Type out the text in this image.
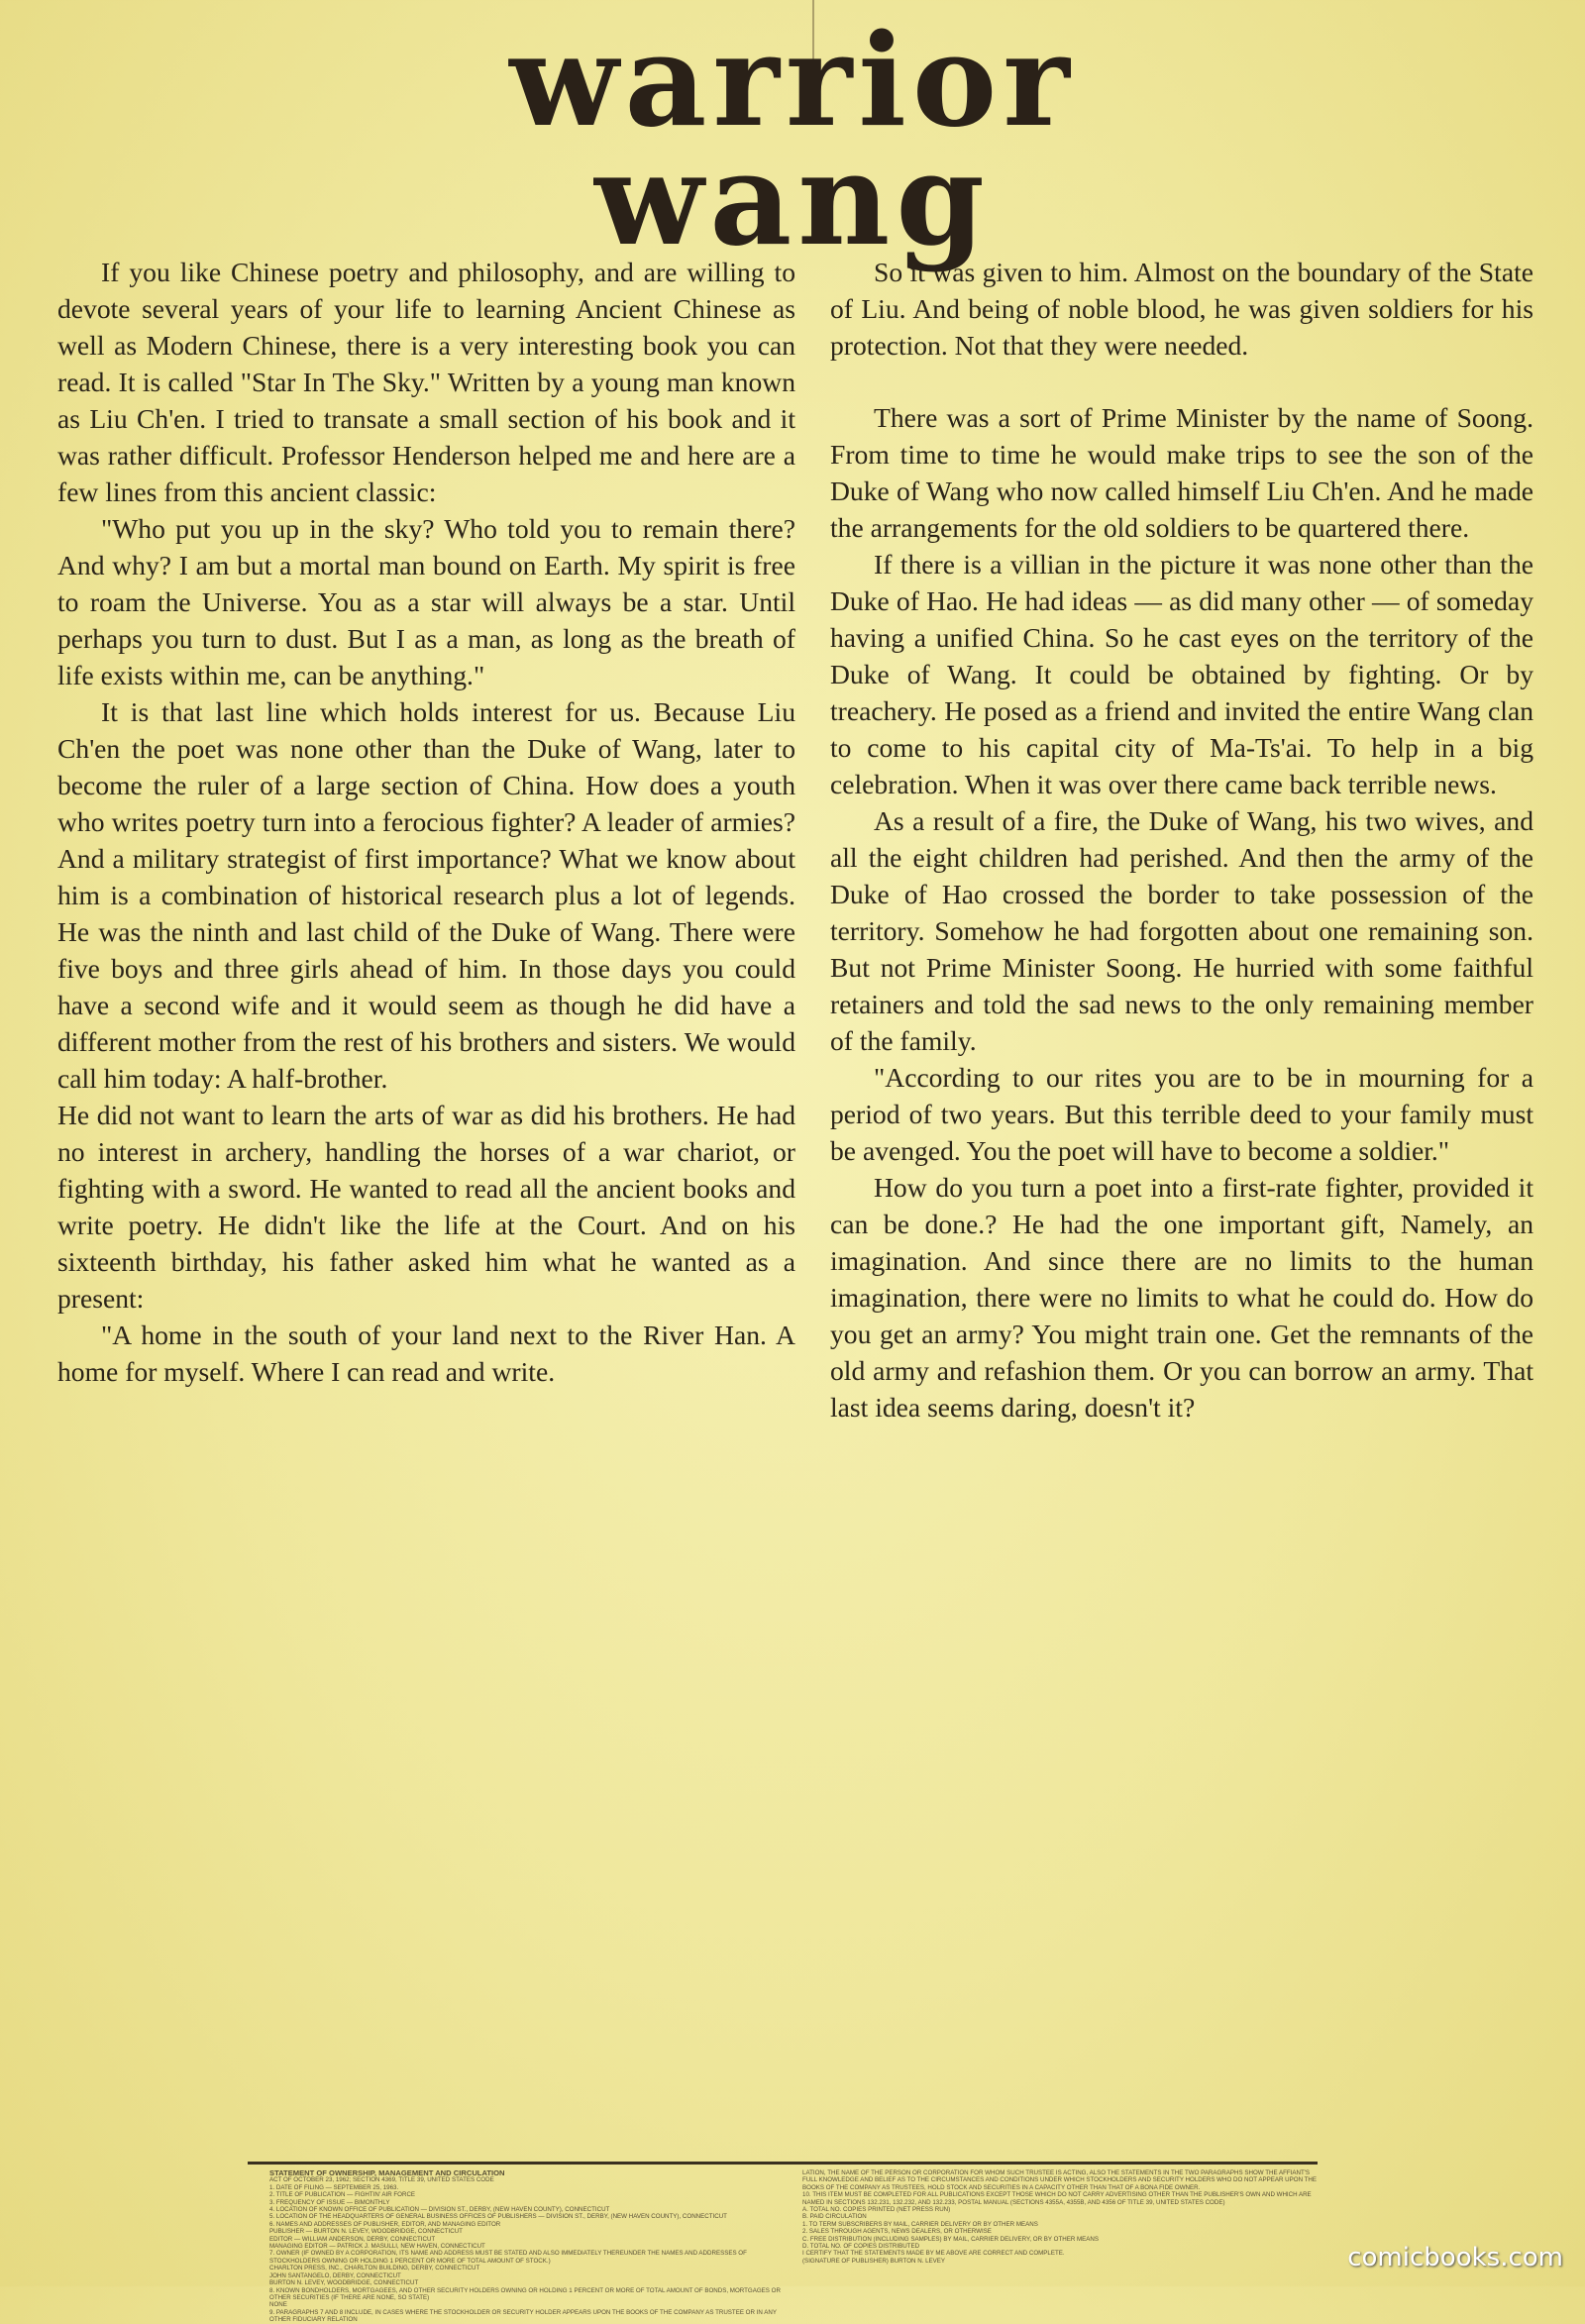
warrior
wang

If you like Chinese poetry and philosophy, and are willing to devote several years of your life to learning Ancient Chinese as well as Modern Chinese, there is a very interesting book you can read. It is called "Star In The Sky." Written by a young man known as Liu Ch'en. I tried to transate a small section of his book and it was rather difficult. Professor Henderson helped me and here are a few lines from this ancient classic:

"Who put you up in the sky? Who told you to remain there? And why? I am but a mortal man bound on Earth. My spirit is free to roam the Universe. You as a star will always be a star. Until perhaps you turn to dust. But I as a man, as long as the breath of life exists within me, can be anything."

It is that last line which holds interest for us. Because Liu Ch'en the poet was none other than the Duke of Wang, later to become the ruler of a large section of China. How does a youth who writes poetry turn into a ferocious fighter? A leader of armies? And a military strategist of first importance? What we know about him is a combination of historical research plus a lot of legends. He was the ninth and last child of the Duke of Wang. There were five boys and three girls ahead of him. In those days you could have a second wife and it would seem as though he did have a different mother from the rest of his brothers and sisters. We would call him today: A half-brother.

He did not want to learn the arts of war as did his brothers. He had no interest in archery, handling the horses of a war chariot, or fighting with a sword. He wanted to read all the ancient books and write poetry. He didn't like the life at the Court. And on his sixteenth birthday, his father asked him what he wanted as a present:

"A home in the south of your land next to the River Han. A home for myself. Where I can read and write.

So it was given to him. Almost on the boundary of the State of Liu. And being of noble blood, he was given soldiers for his protection. Not that they were needed.

There was a sort of Prime Minister by the name of Soong. From time to time he would make trips to see the son of the Duke of Wang who now called himself Liu Ch'en. And he made the arrangements for the old soldiers to be quartered there.

If there is a villian in the picture it was none other than the Duke of Hao. He had ideas — as did many other — of someday having a unified China. So he cast eyes on the territory of the Duke of Wang. It could be obtained by fighting. Or by treachery. He posed as a friend and invited the entire Wang clan to come to his capital city of Ma-Ts'ai. To help in a big celebration. When it was over there came back terrible news.

As a result of a fire, the Duke of Wang, his two wives, and all the eight children had perished. And then the army of the Duke of Hao crossed the border to take possession of the territory. Somehow he had forgotten about one remaining son. But not Prime Minister Soong. He hurried with some faithful retainers and told the sad news to the only remaining member of the family.

"According to our rites you are to be in mourning for a period of two years. But this terrible deed to your family must be avenged. You the poet will have to become a soldier."

How do you turn a poet into a first-rate fighter, provided it can be done.? He had the one important gift, Namely, an imagination. And since there are no limits to the human imagination, there were no limits to what he could do. How do you get an army? You might train one. Get the remnants of the old army and refashion them. Or you can borrow an army. That last idea seems daring, doesn't it?

STATEMENT OF OWNERSHIP, MANAGEMENT AND CIRCULATION
ACT OF OCTOBER 23, 1962; SECTION 4369, TITLE 39, UNITED STATES CODE
1. DATE OF FILING — SEPTEMBER 25, 1963.
2. TITLE OF PUBLICATION — FIGHTIN' AIR FORCE
3. FREQUENCY OF ISSUE — BIMONTHLY
4. LOCATION OF KNOWN OFFICE OF PUBLICATION — DIVISION ST., DERBY, (NEW HAVEN COUNTY), CONNECTICUT
5. LOCATION OF THE HEADQUARTERS OF GENERAL BUSINESS OFFICES OF PUBLISHERS — DIVISION ST., DERBY, (NEW HAVEN COUNTY), CONNECTICUT
6. NAMES AND ADDRESSES OF PUBLISHER, EDITOR, AND MANAGING EDITOR
PUBLISHER — BURTON N. LEVEY, WOODBRIDGE, CONNECTICUT
EDITOR — WILLIAM ANDERSON, DERBY, CONNECTICUT
MANAGING EDITOR — PATRICK J. MASULLI, NEW HAVEN, CONNECTICUT
7. OWNER (IF OWNED BY A CORPORATION, ITS NAME AND ADDRESS MUST BE STATED AND ALSO IMMEDIATELY THEREUNDER THE NAMES AND ADDRESSES OF STOCKHOLDERS OWNING OR HOLDING 1 PERCENT OR MORE OF TOTAL AMOUNT OF STOCK.)
CHARLTON PRESS, INC., CHARLTON BUILDING, DERBY, CONNECTICUT
JOHN SANTANGELO, DERBY, CONNECTICUT
BURTON N. LEVEY, WOODBRIDGE, CONNECTICUT
8. KNOWN BONDHOLDERS, MORTGAGEES, AND OTHER SECURITY HOLDERS OWNING OR HOLDING 1 PERCENT OR MORE OF TOTAL AMOUNT OF BONDS, MORTGAGES OR OTHER SECURITIES (IF THERE ARE NONE, SO STATE)
NONE
9. PARAGRAPHS 7 AND 8 INCLUDE, IN CASES WHERE THE STOCKHOLDER OR SECURITY HOLDER APPEARS UPON THE BOOKS OF THE COMPANY AS TRUSTEE OR IN ANY OTHER FIDUCIARY RELATION
LATION, THE NAME OF THE PERSON OR CORPORATION FOR WHOM SUCH TRUSTEE IS ACTING, ALSO THE STATEMENTS IN THE TWO PARAGRAPHS SHOW THE AFFIANT'S FULL KNOWLEDGE AND BELIEF AS TO THE CIRCUMSTANCES AND CONDITIONS UNDER WHICH STOCKHOLDERS AND SECURITY HOLDERS WHO DO NOT APPEAR UPON THE BOOKS OF THE COMPANY AS TRUSTEES, HOLD STOCK AND SECURITIES IN A CAPACITY OTHER THAN THAT OF A BONA FIDE OWNER.
10. THIS ITEM MUST BE COMPLETED FOR ALL PUBLICATIONS EXCEPT THOSE WHICH DO NOT CARRY ADVERTISING OTHER THAN THE PUBLISHER'S OWN AND WHICH ARE NAMED IN SECTIONS 132.231, 132.232, AND 132.233, POSTAL MANUAL (SECTIONS 4355A, 4355B, AND 4356 OF TITLE 39, UNITED STATES CODE)
A. TOTAL NO. COPIES PRINTED (NET PRESS RUN)
B. PAID CIRCULATION
1. TO TERM SUBSCRIBERS BY MAIL, CARRIER DELIVERY OR BY OTHER MEANS
2. SALES THROUGH AGENTS, NEWS DEALERS, OR OTHERWISE
C. FREE DISTRIBUTION (INCLUDING SAMPLES) BY MAIL, CARRIER DELIVERY, OR BY OTHER MEANS
D. TOTAL NO. OF COPIES DISTRIBUTED
I CERTIFY THAT THE STATEMENTS MADE BY ME ABOVE ARE CORRECT AND COMPLETE.
(SIGNATURE OF PUBLISHER) BURTON N. LEVEY	comicbooks.com
